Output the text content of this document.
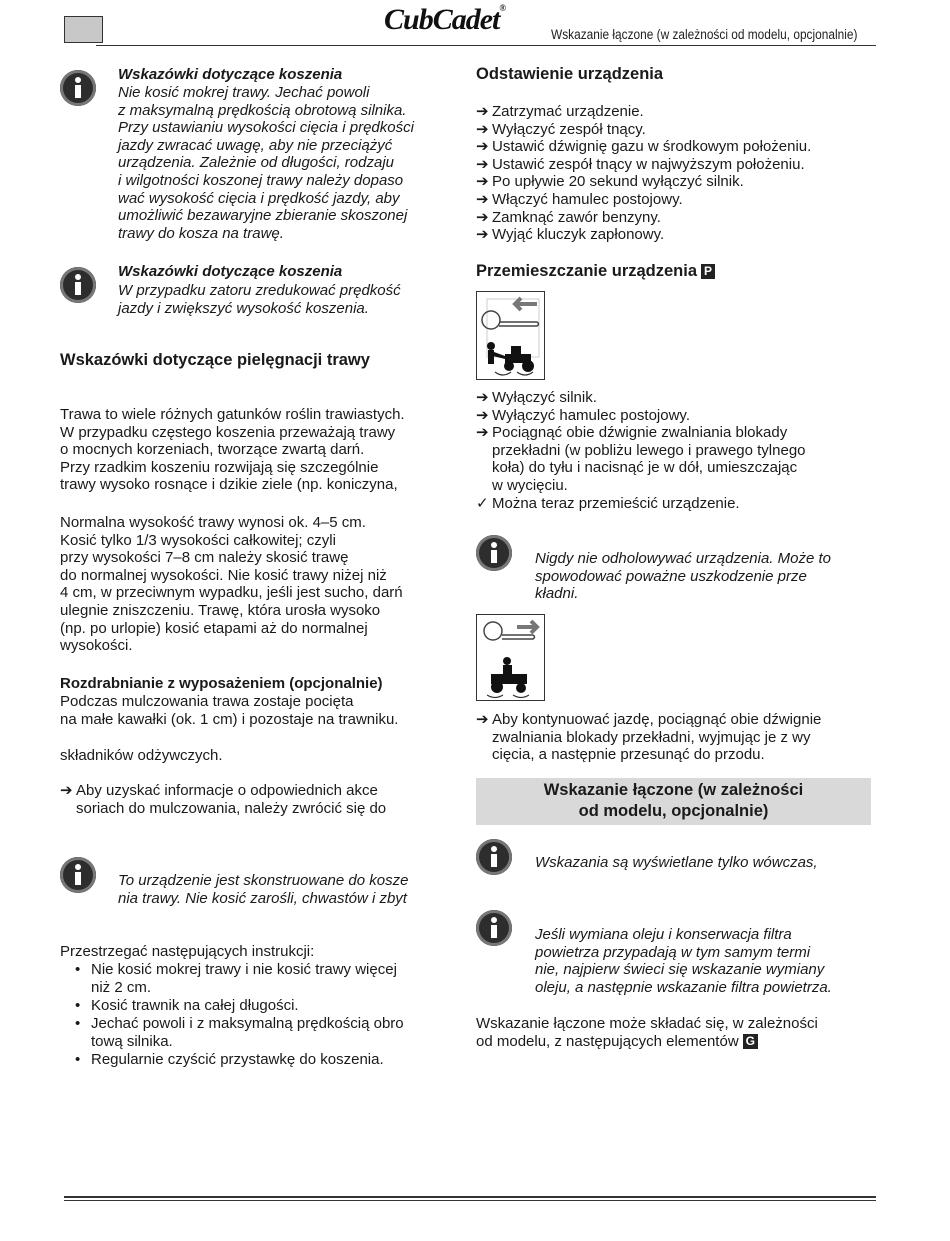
CubCadet®
Wskazanie łączone (w zależności od modelu, opcjonalnie)
Wskazówki dotyczące koszenia
Nie kosić mokrej trawy. Jechać powoli
z maksymalną prędkością obrotową silnika.
Przy ustawianiu wysokości cięcia i prędkości
jazdy zwracać uwagę, aby nie przeciążyć
urządzenia. Zależnie od długości, rodzaju
i wilgotności koszonej trawy należy dopaso
wać wysokość cięcia i prędkość jazdy, aby
umożliwić bezawaryjne zbieranie skoszonej
trawy do kosza na trawę.
Wskazówki dotyczące koszenia
W przypadku zatoru zredukować prędkość
jazdy i zwiększyć wysokość koszenia.
Wskazówki dotyczące pielęgnacji trawy
Trawa to wiele różnych gatunków roślin trawiastych.
W przypadku częstego koszenia przeważają trawy
o mocnych korzeniach, tworzące zwartą darń.
Przy rzadkim koszeniu rozwijają się szczególnie
trawy wysoko rosnące i dzikie ziele (np. koniczyna,
Normalna wysokość trawy wynosi ok. 4–5 cm.
Kosić tylko 1/3 wysokości całkowitej; czyli
przy wysokości 7–8 cm należy skosić trawę
do normalnej wysokości. Nie kosić trawy niżej niż
4 cm, w przeciwnym wypadku, jeśli jest sucho, darń
ulegnie zniszczeniu. Trawę, która urosła wysoko
(np. po urlopie) kosić etapami aż do normalnej
wysokości.
Rozdrabnianie z wyposażeniem (opcjonalnie)
Podczas mulczowania trawa zostaje pocięta
na małe kawałki (ok. 1 cm) i pozostaje na trawniku.
składników odżywczych.
➔ Aby uzyskać informacje o odpowiednich akce
soriach do mulczowania, należy zwrócić się do
To urządzenie jest skonstruowane do kosze
nia trawy. Nie kosić zarośli, chwastów i zbyt
Przestrzegać następujących instrukcji:
• Nie kosić mokrej trawy i nie kosić trawy więcej
niż 2 cm.
• Kosić trawnik na całej długości.
• Jechać powoli i z maksymalną prędkością obro
tową silnika.
• Regularnie czyścić przystawkę do koszenia.
Odstawienie urządzenia
➔ Zatrzymać urządzenie.
➔ Wyłączyć zespół tnący.
➔ Ustawić dźwignię gazu w środkowym położeniu.
➔ Ustawić zespół tnący w najwyższym położeniu.
➔ Po upływie 20 sekund wyłączyć silnik.
➔ Włączyć hamulec postojowy.
➔ Zamknąć zawór benzyny.
➔ Wyjąć kluczyk zapłonowy.
Przemieszczanie urządzenia P
➔ Wyłączyć silnik.
➔ Wyłączyć hamulec postojowy.
➔ Pociągnąć obie dźwignie zwalniania blokady
przekładni (w pobliżu lewego i prawego tylnego
koła) do tyłu i nacisnąć je w dół, umieszczając
w wycięciu.
✓ Można teraz przemieścić urządzenie.
Nigdy nie odholowywać urządzenia. Może to
spowodować poważne uszkodzenie prze
kładni.
➔ Aby kontynuować jazdę, pociągnąć obie dźwignie
zwalniania blokady przekładni, wyjmując je z wy
cięcia, a następnie przesunąć do przodu.
Wskazanie łączone (w zależności
od modelu, opcjonalnie)
Wskazania są wyświetlane tylko wówczas,
Jeśli wymiana oleju i konserwacja filtra
powietrza przypadają w tym samym termi
nie, najpierw świeci się wskazanie wymiany
oleju, a następnie wskazanie filtra powietrza.
Wskazanie łączone może składać się, w zależności
od modelu, z następujących elementów G
